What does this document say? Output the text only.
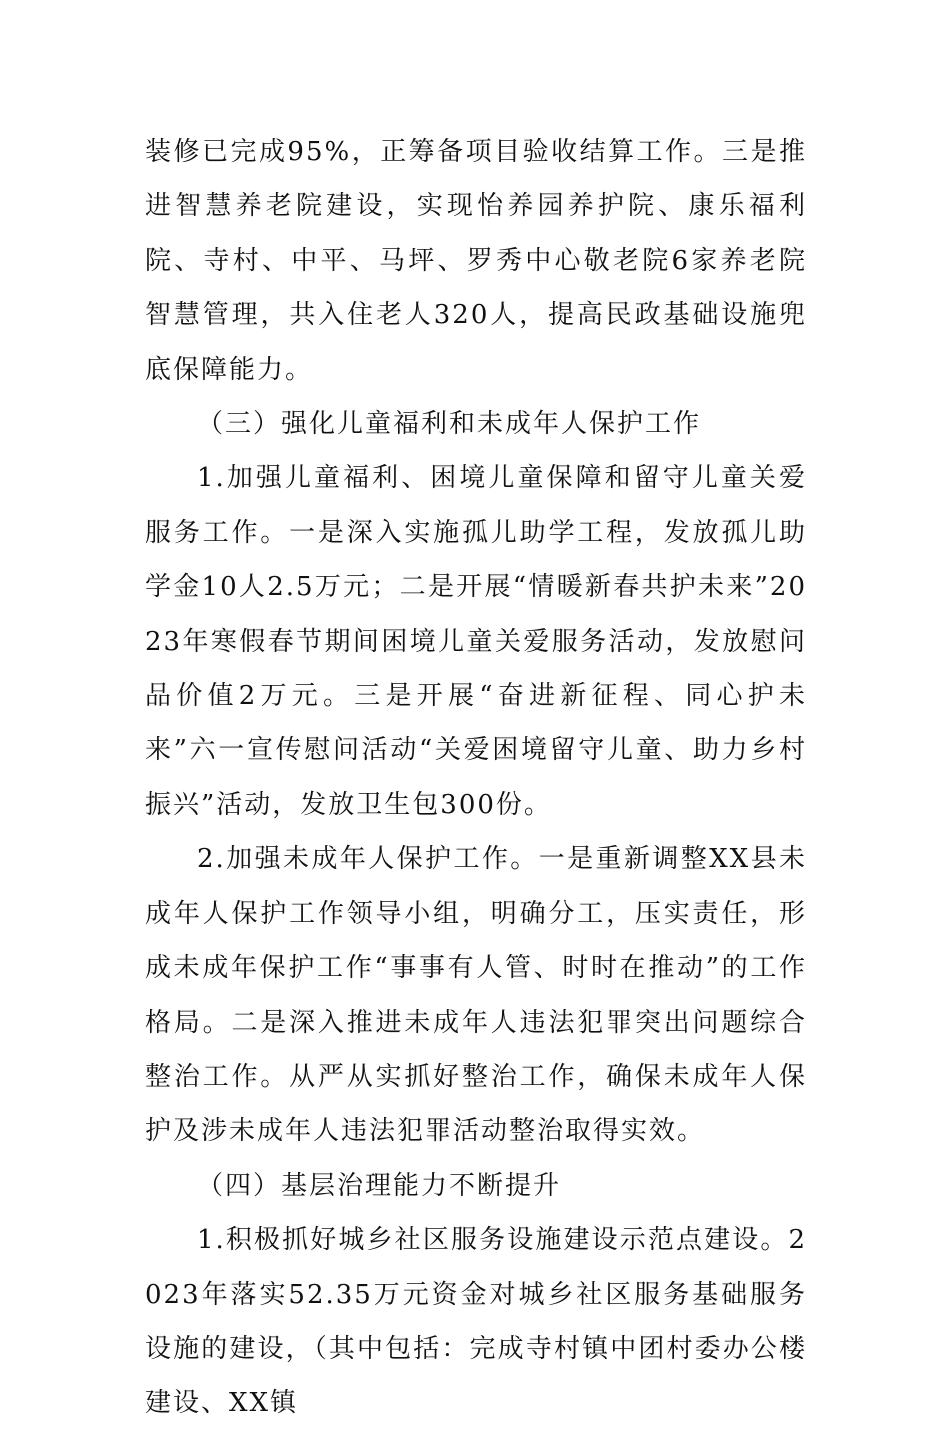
装修已完成95%，正筹备项目验收结算工作。三是推进智慧养老院建设，实现怡养园养护院、康乐福利院、寺村、中平、马坪、罗秀中心敬老院6家养老院智慧管理，共入住老人320人，提高民政基础设施兜底保障能力。

（三）强化儿童福利和未成年人保护工作

1.加强儿童福利、困境儿童保障和留守儿童关爱服务工作。一是深入实施孤儿助学工程，发放孤儿助学金10人2.5万元；二是开展“情暖新春共护未来”2023年寒假春节期间困境儿童关爱服务活动，发放慰问品价值2万元。三是开展“奋进新征程、同心护未来”六一宣传慰问活动“关爱困境留守儿童、助力乡村振兴”活动，发放卫生包300份。

2.加强未成年人保护工作。一是重新调整XX县未成年人保护工作领导小组，明确分工，压实责任，形成未成年保护工作“事事有人管、时时在推动”的工作格局。二是深入推进未成年人违法犯罪突出问题综合整治工作。从严从实抓好整治工作，确保未成年人保护及涉未成年人违法犯罪活动整治取得实效。

（四）基层治理能力不断提升

1.积极抓好城乡社区服务设施建设示范点建设。2023年落实52.35万元资金对城乡社区服务基础服务设施的建设，（其中包括：完成寺村镇中团村委办公楼建设、XX镇
